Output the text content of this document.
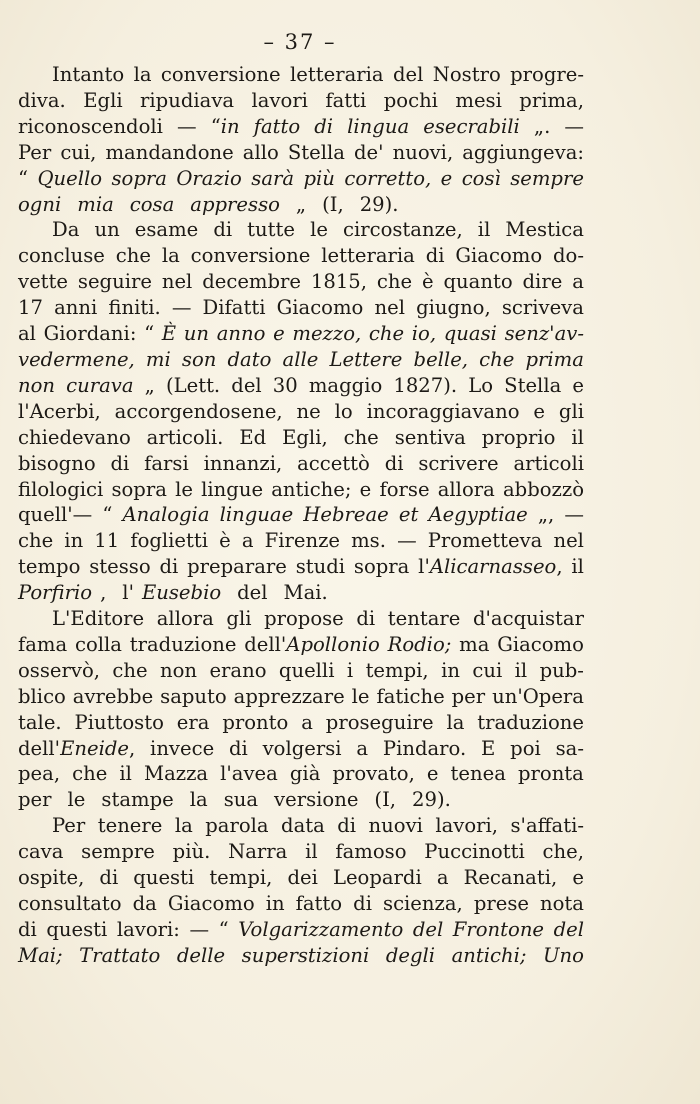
– 37 –
Intanto la conversione letteraria del Nostro progre-
diva. Egli ripudiava lavori fatti pochi mesi prima,
riconoscendoli — “in fatto di lingua esecrabili „. —
Per cui, mandandone allo Stella de' nuovi, aggiungeva:
“ Quello sopra Orazio sarà più corretto, e così sempre
ogni mia cosa appresso „ (I, 29).
Da un esame di tutte le circostanze, il Mestica
concluse che la conversione letteraria di Giacomo do-
vette seguire nel decembre 1815, che è quanto dire a
17 anni finiti. — Difatti Giacomo nel giugno, scriveva
al Giordani: “ È un anno e mezzo, che io, quasi senz'av-
vedermene, mi son dato alle Lettere belle, che prima
non curava „ (Lett. del 30 maggio 1827). Lo Stella e
l'Acerbi, accorgendosene, ne lo incoraggiavano e gli
chiedevano articoli. Ed Egli, che sentiva proprio il
bisogno di farsi innanzi, accettò di scrivere articoli
filologici sopra le lingue antiche; e forse allora abbozzò
quell'— “ Analogia linguae Hebreae et Aegyptiae „, —
che in 11 foglietti è a Firenze ms. — Prometteva nel
tempo stesso di preparare studi sopra l'Alicarnasseo, il
Porfirio , l' Eusebio del Mai.
L'Editore allora gli propose di tentare d'acquistar
fama colla traduzione dell'Apollonio Rodio; ma Giacomo
osservò, che non erano quelli i tempi, in cui il pub-
blico avrebbe saputo apprezzare le fatiche per un'Opera
tale. Piuttosto era pronto a proseguire la traduzione
dell'Eneide, invece di volgersi a Pindaro. E poi sa-
pea, che il Mazza l'avea già provato, e tenea pronta
per le stampe la sua versione (I, 29).
Per tenere la parola data di nuovi lavori, s'affati-
cava sempre più. Narra il famoso Puccinotti che,
ospite, di questi tempi, dei Leopardi a Recanati, e
consultato da Giacomo in fatto di scienza, prese nota
di questi lavori: — “ Volgarizzamento del Frontone del
Mai; Trattato delle superstizioni degli antichi; Uno
